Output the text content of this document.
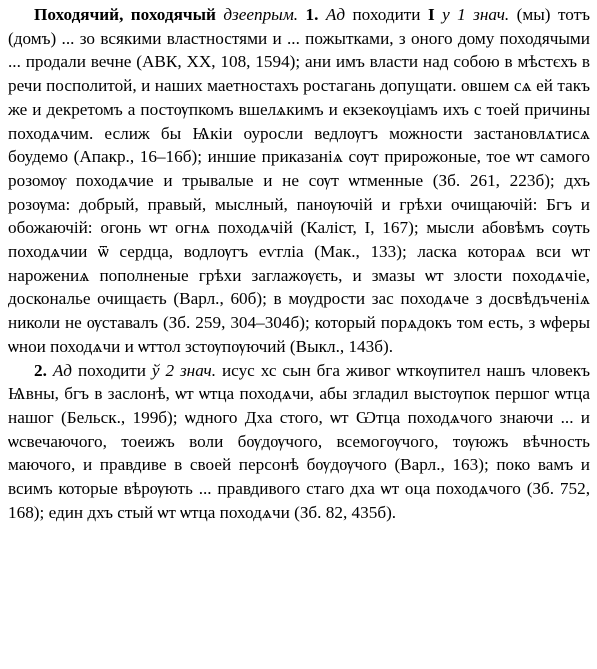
Походячий, походячый дзеепрым. 1. Ад походити I у 1 знач. (мы) тотъ (домъ) ... зо всякими властностями и ... пожытками, з оного дому походячыми ... продали вечне (АВК, XX, 108, 1594); ани имъ власти над собою в мѣстєхъ в речи посполитой, и наших маетностахъ ростагань допущати. овшем сѧ ей такъ же и декретомъ а постѹпкомъ вшелѧкимъ и екзекѹціамъ ихъ с тоей причины походѧчим. еслиж бы Ѩкіи оуросли ведлѹгъ можности застановлѧтисѧ боудемо (Апакр., 16–16б); иншие приказаніѧ сѹт прирожоные, тое ѡт самого розомѹ походѧчие и трывалые и не сѹт ѡтменные (Зб. 261, 223б); дхъ розѹма: добрый, правый, мыслный, панѹючій и грѣхи очищаючій: Бгъ и обожаючій: огонь ѡт огнѧ походѧчій (Каліст, I, 167); мысли абовѣмъ сѹть походѧчии ѿ сердца, водлѹгъ еѵгліа (Мак., 133); ласка котораѧ вси ѡт нарожениѧ пополненые грѣхи заглажѹєть, и змазы ѡт злости походѧчіе, доскональе очищаєть (Варл., 60б); в мѹдрости зас походѧче з досвѣдъченіѧ николи не ѹставалъ (Зб. 259, 304–304б); который порѧдокъ том есть, з ѡферы ѡнои походѧчи и ѡттол зстѹпѹючий (Выкл., 143б).

2. Ад походити ў 2 знач. исус хс сын бга живог ѡткѹпител нашъ чловекъ Ѩвны, бгъ в заслонѣ, ѡт ѡтца походѧчи, абы згладил выстѹпок першог ѡтца нашог (Бельск., 199б); ѡдного Дха стого, ѡт Ѡтца походѧчого знаючи ... и ѡсвечаючого, тоеижъ воли бѹдѹчого, всемогѹчого, тѹюжъ вѣчность маючого, и правдиве в своей персонѣ бѹдѹчого (Варл., 163); поко вамъ и всимъ которые вѣрѹють ... правдивого стаго дха ѡт оца походѧчого (Зб. 752, 168); един дхъ стый ѡт ѡтца походѧчи (Зб. 82, 435б).
